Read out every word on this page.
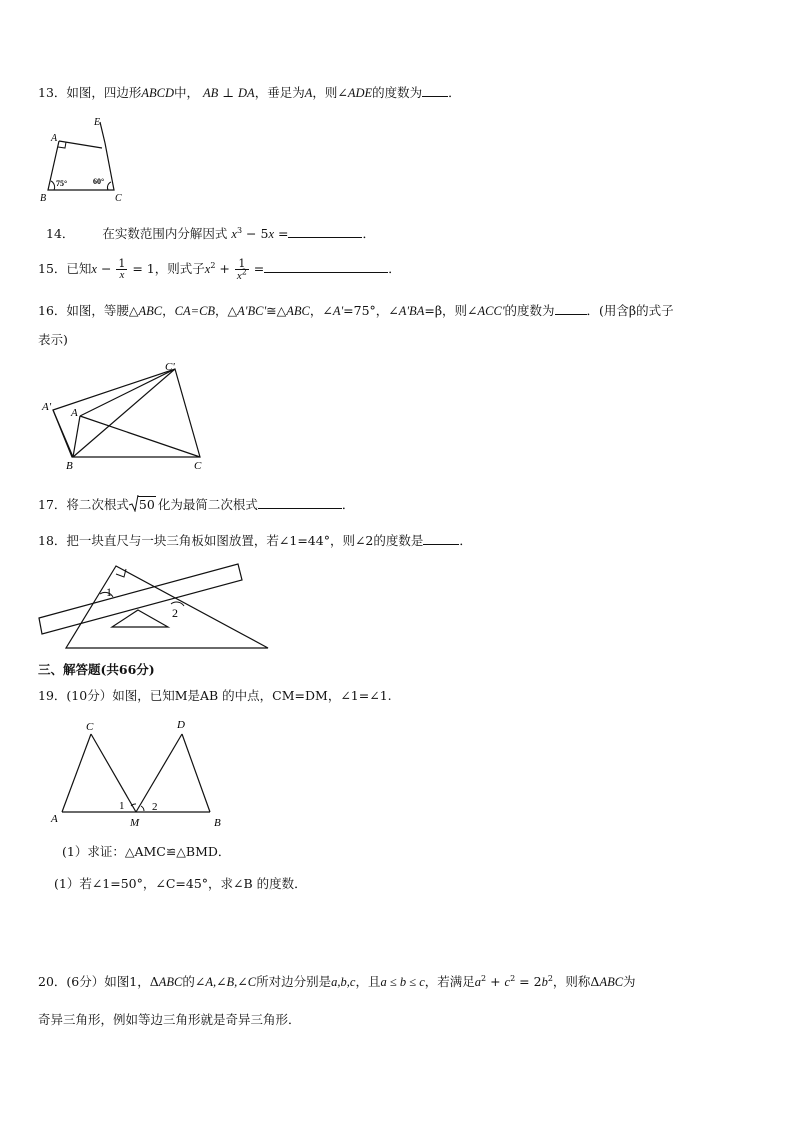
13．如图，四边形ABCD中， AB ⊥ DA，垂足为A，则∠ADE的度数为 ．
A
E
B	C
75°	60°
14． 在实数范围内分解因式 $x^3 - 5x$ =	．
15．已知$x - \frac{1}{x} = 1$，则式子$x^2 + \frac{1}{x^2}$ =	．
16．如图，等腰△ABC，CA=CB，△A'BC'≅△ABC，∠A'=75°，∠A'BA=β，则∠ACC'的度数为	．(用含β的式子
表示)
C'
A' A
B	C
17．将二次根式 50 化为最简二次根式	．
18．把一块直尺与一块三角板如图放置，若∠1=44°，则∠2的度数是	．
1
2
三、解答题(共66分)
19．(10分）如图，已知M是AB 的中点，CM=DM，∠1=∠1.
C	D
A	M	B
1	2
(1）求证：△AMC≌△BMD．
(1）若∠1=50°，∠C=45°，求∠B 的度数．
20．(6分）如图1，ΔABC的∠A,∠B,∠C所对边分别是a,b,c，且a ≤ b ≤ c，若满足$a^2 + c^2 = 2b^2$，则称ΔABC为
奇异三角形，例如等边三角形就是奇异三角形．
